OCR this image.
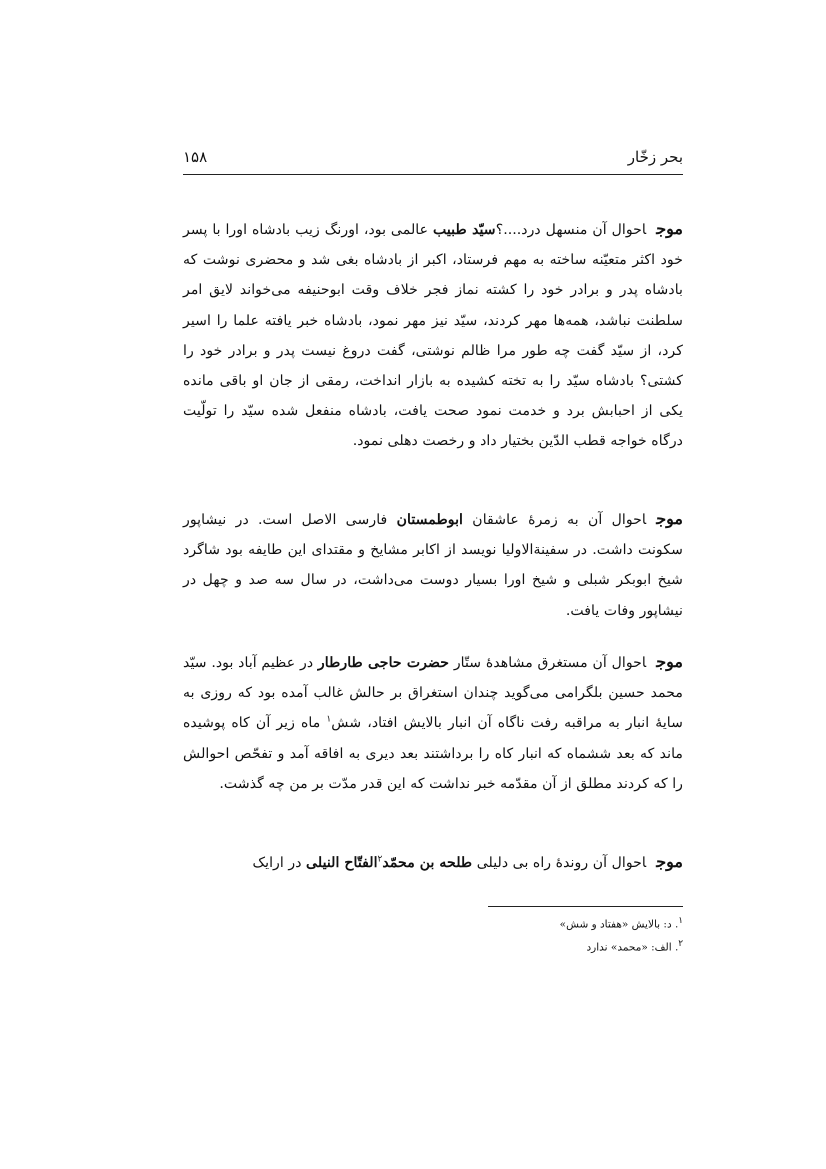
بحر زخّار
۱۵۸

موجاحوال آن منسهل درد....؟سیّد طبیب عالمی بود، اورنگ زیب بادشاه اورا با پسر خود اکثر متعیّنه ساخته به مهم فرستاد، اکبر از بادشاه بغی شد و محضری نوشت که بادشاه پدر و برادر خود را کشته نماز فجر خلاف وقت ابوحنیفه می‌خواند لایق امر سلطنت نباشد، همه‌ها مهر کردند، سیّد نیز مهر نمود، بادشاه خبر یافته علما را اسیر کرد، از سیّد گفت چه طور مرا ظالم نوشتی، گفت دروغ نیست پدر و برادر خود را کشتی؟ بادشاه سیّد را به تخته کشیده به بازار انداخت، رمقی از جان او باقی مانده یکی از احبابش برد و خدمت نمود صحت یافت، بادشاه منفعل شده سیّد را تولّیت درگاه خواجه قطب الدّین بختیار داد و رخصت دهلی نمود.

موجاحوال آن به زمرهٔ عاشقان ابوطمستان فارسی الاصل است. در نیشاپور سکونت داشت. در سفینةالاولیا نویسد از اکابر مشایخ و مقتدای این طایفه بود شاگرد شیخ ابوبکر شبلی و شیخ اورا بسیار دوست می‌داشت، در سال سه صد و چهل در نیشاپور وفات یافت.

موجاحوال آن مستغرق مشاهدهٔ ستّار حضرت حاجی طارطار در عظیم آباد بود. سیّد محمد حسین بلگرامی می‌گوید چندان استغراق بر حالش غالب آمده بود که روزی به سایهٔ انبار به مراقبه رفت ناگاه آن انبار بالایش افتاد، شش$^۱$ ماه زیر آن کاه پوشیده ماند که بعد ششماه که انبار کاه را برداشتند بعد دیری به افاقه آمد و تفحّص احوالش را که کردند مطلق از آن مقدّمه خبر نداشت که این قدر مدّت بر من چه گذشت.

موجاحوال آن روندهٔ راه بی دلیلی طلحه بن محمّد$^۲$الفتّاح النیلی در ارایک

$^۱$. د: بالایش «هفتاد و شش»
$^۲$. الف: «محمد» ندارد
